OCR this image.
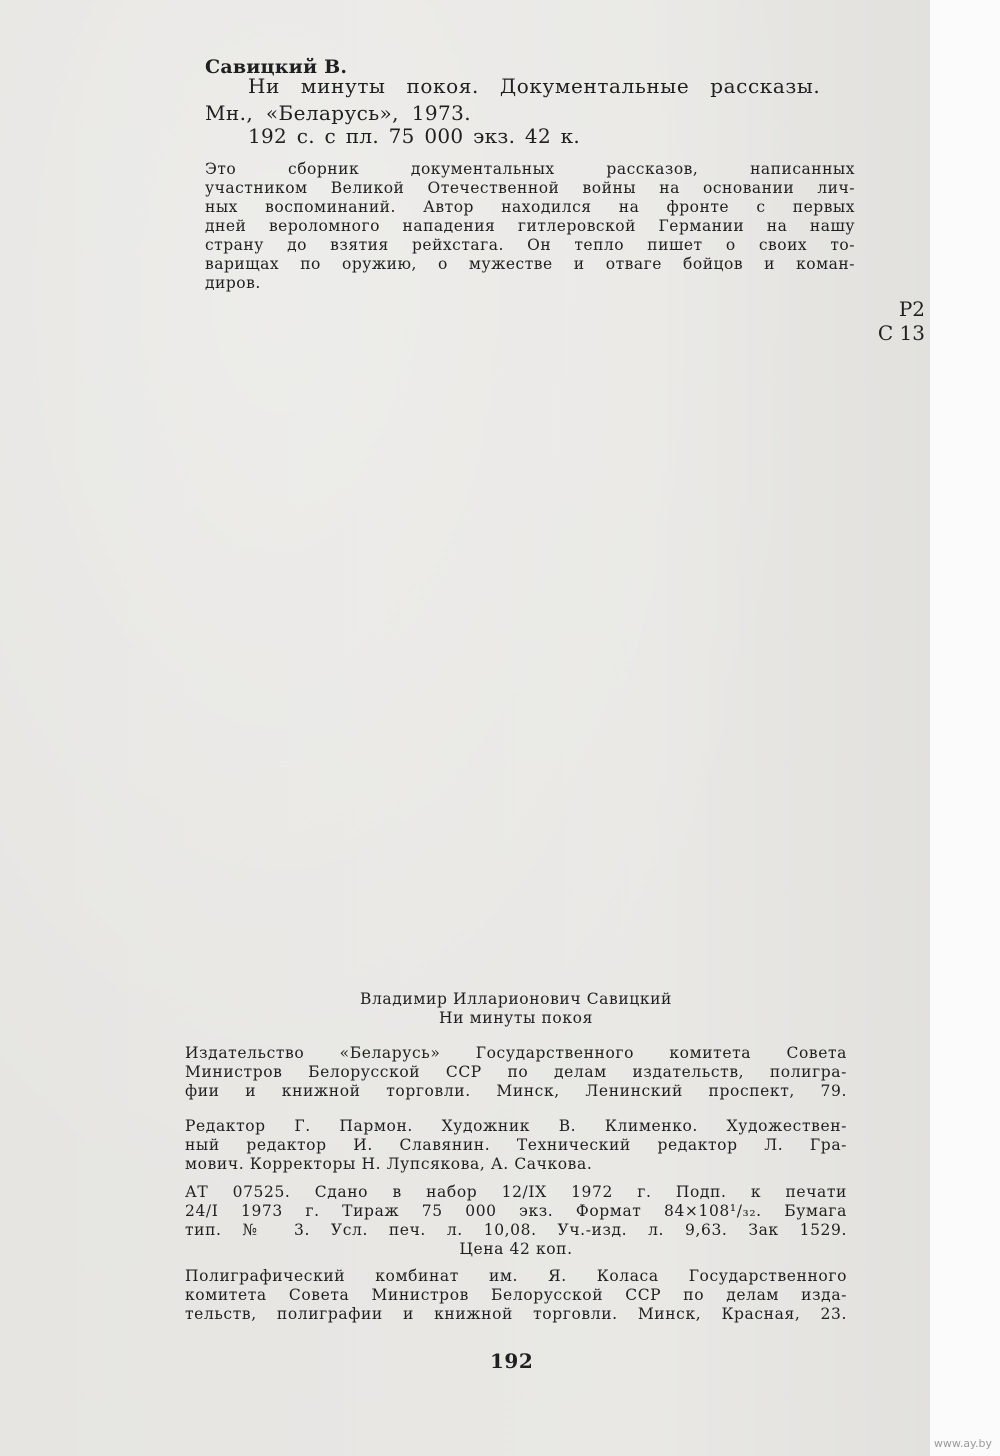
Савицкий В.
Ни минуты покоя. Документальные рассказы.
Мн., «Беларусь», 1973.
192 с. с пл. 75 000 экз. 42 к.
Это сборник документальных рассказов, написанных
участником Великой Отечественной войны на основании лич-
ных воспоминаний. Автор находился на фронте с первых
дней вероломного нападения гитлеровской Германии на нашу
страну до взятия рейхстага. Он тепло пишет о своих то-
варищах по оружию, о мужестве и отваге бойцов и коман-
диров.
Р2
С 13
Владимир Илларионович Савицкий
Ни минуты покоя
Издательство «Беларусь» Государственного комитета Совета
Министров Белорусской ССР по делам издательств, полигра-
фии и книжной торговли. Минск, Ленинский проспект, 79.
Редактор Г. Пармон. Художник В. Клименко. Художествен-
ный редактор И. Славянин. Технический редактор Л. Гра-
мович. Корректоры Н. Лупсякова, А. Сачкова.
АТ 07525. Сдано в набор 12/IX 1972 г. Подп. к печати
24/I 1973 г. Тираж 75 000 экз. Формат 84×108¹/₃₂. Бумага
тип. № 3. Усл. печ. л. 10,08. Уч.-изд. л. 9,63. Зак 1529.
Цена 42 коп.
Полиграфический комбинат им. Я. Коласа Государственного
комитета Совета Министров Белорусской ССР по делам изда-
тельств, полиграфии и книжной торговли. Минск, Красная, 23.
192
www.ay.by
